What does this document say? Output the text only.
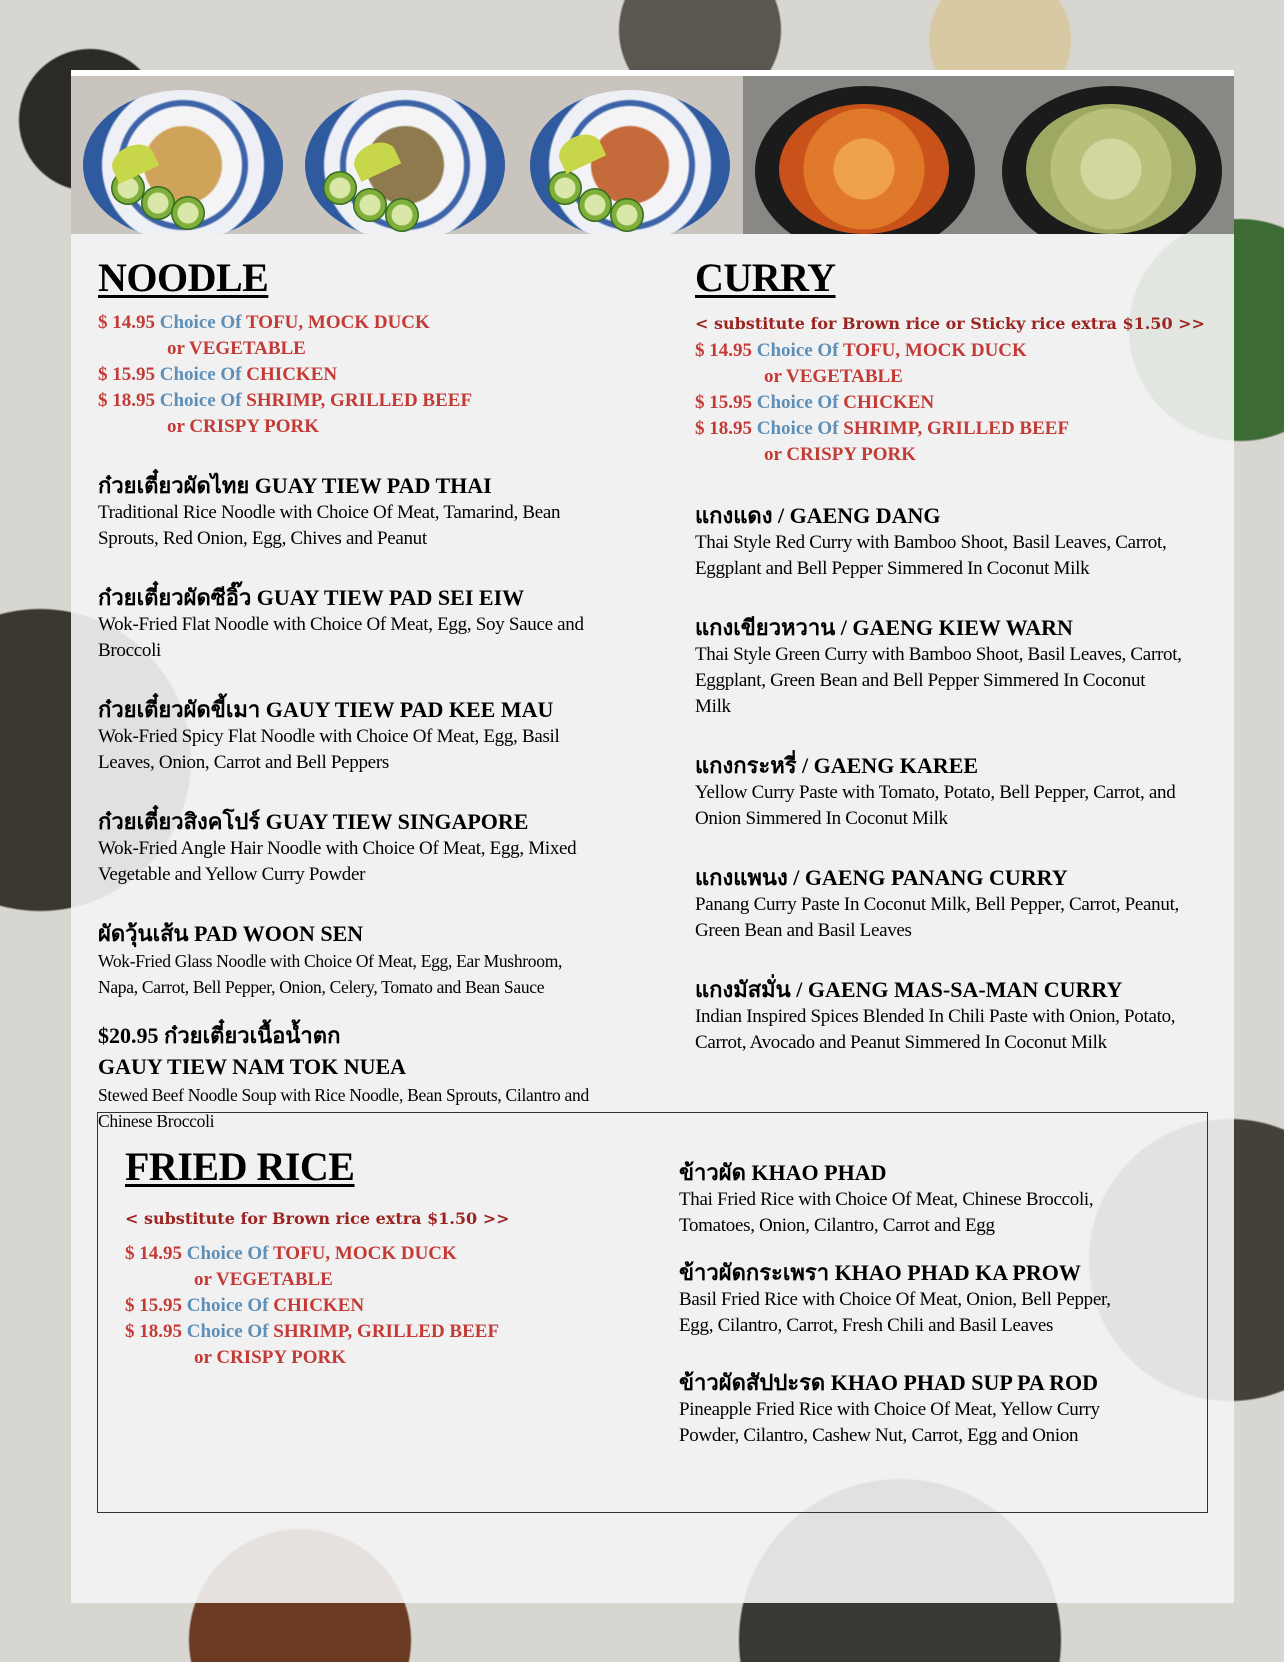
NOODLE
$ 14.95 Choice Of TOFU, MOCK DUCK
or VEGETABLE
$ 15.95 Choice Of CHICKEN
$ 18.95 Choice Of SHRIMP, GRILLED BEEF
or CRISPY PORK
ก๋วยเตี๋ยวผัดไทย GUAY TIEW PAD THAI
Traditional Rice Noodle with Choice Of Meat, Tamarind, Bean Sprouts, Red Onion, Egg, Chives and Peanut
ก๋วยเตี๋ยวผัดซีอิ๊ว GUAY TIEW PAD SEI EIW
Wok-Fried Flat Noodle with Choice Of Meat, Egg, Soy Sauce and Broccoli
ก๋วยเตี๋ยวผัดขี้เมา GAUY TIEW PAD KEE MAU
Wok-Fried Spicy Flat Noodle with Choice Of Meat, Egg, Basil Leaves, Onion, Carrot and Bell Peppers
ก๋วยเตี๋ยวสิงคโปร์ GUAY TIEW SINGAPORE
Wok-Fried Angle Hair Noodle with Choice Of Meat, Egg, Mixed Vegetable and Yellow Curry Powder
ผัดวุ้นเส้น PAD WOON SEN
Wok-Fried Glass Noodle with Choice Of Meat, Egg, Ear Mushroom, Napa, Carrot, Bell Pepper, Onion, Celery, Tomato and Bean Sauce
$20.95 ก๋วยเตี๋ยวเนื้อน้ำตก
GAUY TIEW NAM TOK NUEA
Stewed Beef Noodle Soup with Rice Noodle, Bean Sprouts, Cilantro and Chinese Broccoli
CURRY
< substitute for Brown rice or Sticky rice extra $1.50 >>
$ 14.95 Choice Of TOFU, MOCK DUCK
or VEGETABLE
$ 15.95 Choice Of CHICKEN
$ 18.95 Choice Of SHRIMP, GRILLED BEEF
or CRISPY PORK
แกงแดง / GAENG DANG
Thai Style Red Curry with Bamboo Shoot, Basil Leaves, Carrot, Eggplant and Bell Pepper Simmered In Coconut Milk
แกงเขียวหวาน / GAENG KIEW WARN
Thai Style Green Curry with Bamboo Shoot, Basil Leaves, Carrot, Eggplant, Green Bean and Bell Pepper Simmered In Coconut Milk
แกงกระหรี่ / GAENG KAREE
Yellow Curry Paste with Tomato, Potato, Bell Pepper, Carrot, and Onion Simmered In Coconut Milk
แกงแพนง / GAENG PANANG CURRY
Panang Curry Paste In Coconut Milk, Bell Pepper, Carrot, Peanut, Green Bean and Basil Leaves
แกงมัสมั่น / GAENG MAS-SA-MAN CURRY
Indian Inspired Spices Blended In Chili Paste with Onion, Potato, Carrot, Avocado and Peanut Simmered In Coconut Milk
FRIED RICE
< substitute for Brown rice extra $1.50 >>
$ 14.95 Choice Of TOFU, MOCK DUCK
or VEGETABLE
$ 15.95 Choice Of CHICKEN
$ 18.95 Choice Of SHRIMP, GRILLED BEEF
or CRISPY PORK
ข้าวผัด KHAO PHAD
Thai Fried Rice with Choice Of Meat, Chinese Broccoli, Tomatoes, Onion, Cilantro, Carrot and Egg
ข้าวผัดกระเพรา KHAO PHAD KA PROW
Basil Fried Rice with Choice Of Meat, Onion, Bell Pepper, Egg, Cilantro, Carrot, Fresh Chili and Basil Leaves
ข้าวผัดสัปปะรด KHAO PHAD SUP PA ROD
Pineapple Fried Rice with Choice Of Meat, Yellow Curry Powder, Cilantro, Cashew Nut, Carrot, Egg and Onion
